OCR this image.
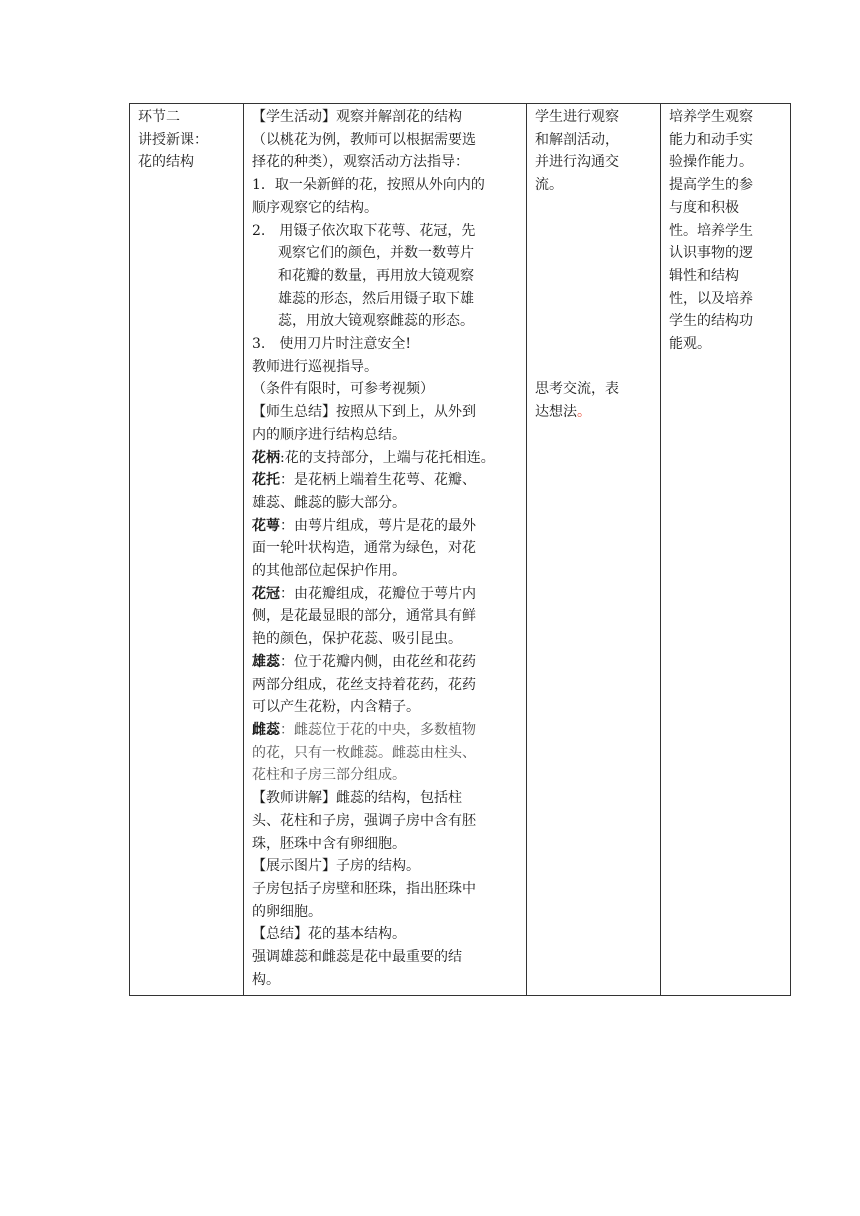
环节二
讲授新课：
花的结构

【学生活动】观察并解剖花的结构
（以桃花为例，教师可以根据需要选
择花的种类），观察活动方法指导：
1．取一朵新鲜的花，按照从外向内的
顺序观察它的结构。
2.　用镊子依次取下花萼、花冠，先
观察它们的颜色，并数一数萼片
和花瓣的数量，再用放大镜观察
雄蕊的形态，然后用镊子取下雄
蕊，用放大镜观察雌蕊的形态。
3.　使用刀片时注意安全!
教师进行巡视指导。
（条件有限时，可参考视频）
【师生总结】按照从下到上，从外到
内的顺序进行结构总结。
花柄:花的支持部分，上端与花托相连。
花托：是花柄上端着生花萼、花瓣、
雄蕊、雌蕊的膨大部分。
花萼：由萼片组成，萼片是花的最外
面一轮叶状构造，通常为绿色，对花
的其他部位起保护作用。
花冠：由花瓣组成，花瓣位于萼片内
侧，是花最显眼的部分，通常具有鲜
艳的颜色，保护花蕊、吸引昆虫。
雄蕊：位于花瓣内侧，由花丝和花药
两部分组成，花丝支持着花药，花药
可以产生花粉，内含精子。
雌蕊：雌蕊位于花的中央，多数植物
的花，只有一枚雌蕊。雌蕊由柱头、
花柱和子房三部分组成。
【教师讲解】雌蕊的结构，包括柱
头、花柱和子房，强调子房中含有胚
珠，胚珠中含有卵细胞。
【展示图片】子房的结构。
子房包括子房壁和胚珠，指出胚珠中
的卵细胞。
【总结】花的基本结构。
强调雄蕊和雌蕊是花中最重要的结
构。

学生进行观察
和解剖活动，
并进行沟通交
流。
思考交流，表
达想法。

培养学生观察
能力和动手实
验操作能力。
提高学生的参
与度和积极
性。培养学生
认识事物的逻
辑性和结构
性，以及培养
学生的结构功
能观。
